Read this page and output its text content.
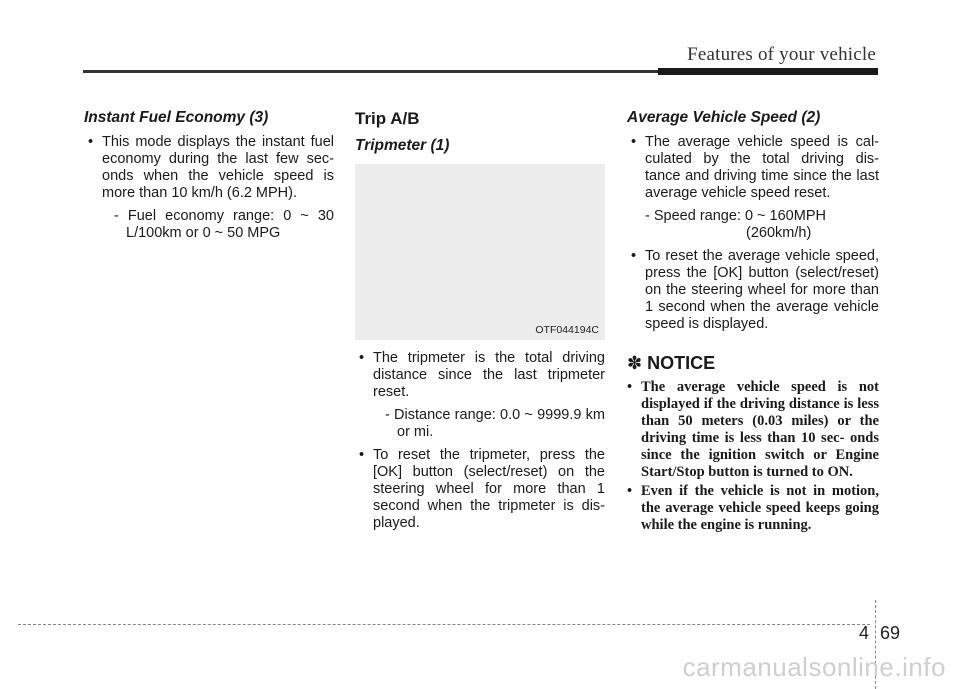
Features of your vehicle
Instant Fuel Economy (3)
• This mode displays the instant fuel economy during the last few sec- onds when the vehicle speed is more than 10 km/h (6.2 MPH).
- Fuel economy range: 0 ~ 30 L/100km or 0 ~ 50 MPG
Trip A/B
Tripmeter (1)
OTF044194C
• The tripmeter is the total driving distance since the last tripmeter reset.
- Distance range: 0.0 ~ 9999.9 km or mi.
• To reset the tripmeter, press the [OK] button (select/reset) on the steering wheel for more than 1 second when the tripmeter is dis- played.
Average Vehicle Speed (2)
• The average vehicle speed is cal- culated by the total driving dis- tance and driving time since the last average vehicle speed reset.
- Speed range: 0 ~ 160MPH
(260km/h)
• To reset the average vehicle speed, press the [OK] button (select/reset) on the steering wheel for more than 1 second when the average vehicle speed is displayed.
✽ NOTICE
• The average vehicle speed is not displayed if the driving distance is less than 50 meters (0.03 miles) or the driving time is less than 10 sec- onds since the ignition switch or Engine Start/Stop button is turned to ON.
• Even if the vehicle is not in motion, the average vehicle speed keeps going while the engine is running.
4 69
carmanualsonline.info
